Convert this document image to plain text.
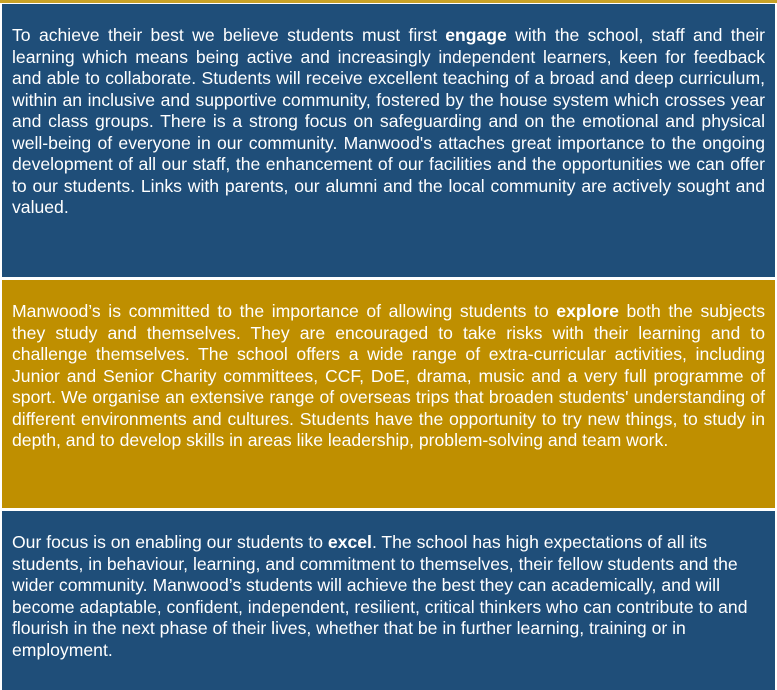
To achieve their best we believe students must first engage with the school, staff and their learning which means being active and increasingly independent learners, keen for feedback and able to collaborate. Students will receive excellent teaching of a broad and deep curriculum, within an inclusive and supportive community, fostered by the house system which crosses year and class groups. There is a strong focus on safeguarding and on the emotional and physical well-being of everyone in our community. Manwood's attaches great importance to the ongoing development of all our staff, the enhancement of our facilities and the opportunities we can offer to our students. Links with parents, our alumni and the local community are actively sought and valued.

Manwood’s is committed to the importance of allowing students to explore both the subjects they study and themselves. They are encouraged to take risks with their learning and to challenge themselves. The school offers a wide range of extra-curricular activities, including Junior and Senior Charity committees, CCF, DoE, drama, music and a very full programme of sport. We organise an extensive range of overseas trips that broaden students' understanding of different environments and cultures. Students have the opportunity to try new things, to study in depth, and to develop skills in areas like leadership, problem-solving and team work.

Our focus is on enabling our students to excel. The school has high expectations of all its students, in behaviour, learning, and commitment to themselves, their fellow students and the wider community. Manwood’s students will achieve the best they can academically, and will become adaptable, confident, independent, resilient, critical thinkers who can contribute to and flourish in the next phase of their lives, whether that be in further learning, training or in employment.
